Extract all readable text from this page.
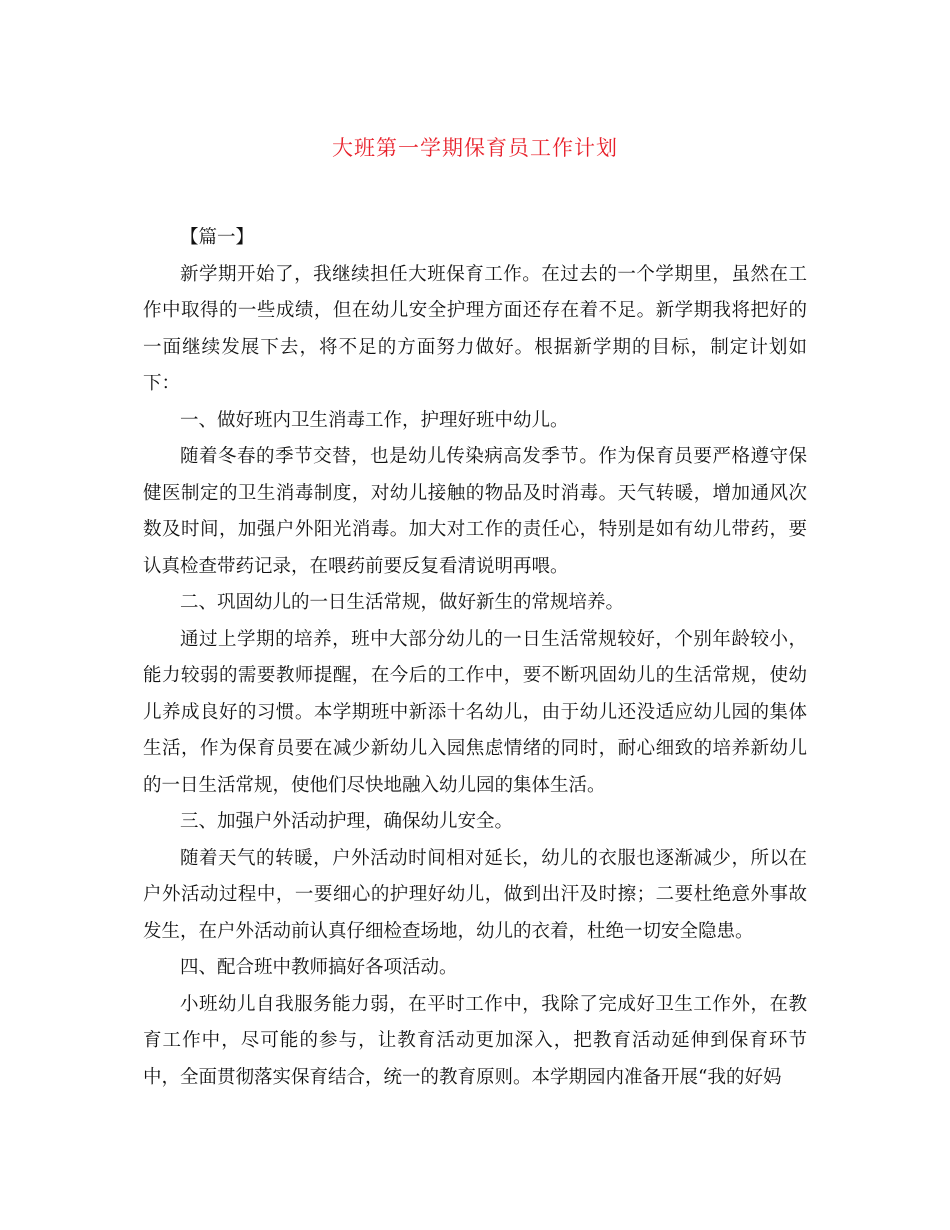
大班第一学期保育员工作计划

【篇一】

新学期开始了，我继续担任大班保育工作。在过去的一个学期里，虽然在工作中取得的一些成绩，但在幼儿安全护理方面还存在着不足。新学期我将把好的一面继续发展下去，将不足的方面努力做好。根据新学期的目标，制定计划如下：

一、做好班内卫生消毒工作，护理好班中幼儿。

随着冬春的季节交替，也是幼儿传染病高发季节。作为保育员要严格遵守保健医制定的卫生消毒制度，对幼儿接触的物品及时消毒。天气转暖，增加通风次数及时间，加强户外阳光消毒。加大对工作的责任心，特别是如有幼儿带药，要认真检查带药记录，在喂药前要反复看清说明再喂。

二、巩固幼儿的一日生活常规，做好新生的常规培养。

通过上学期的培养，班中大部分幼儿的一日生活常规较好，个别年龄较小，能力较弱的需要教师提醒，在今后的工作中，要不断巩固幼儿的生活常规，使幼儿养成良好的习惯。本学期班中新添十名幼儿，由于幼儿还没适应幼儿园的集体生活，作为保育员要在减少新幼儿入园焦虑情绪的同时，耐心细致的培养新幼儿的一日生活常规，使他们尽快地融入幼儿园的集体生活。

三、加强户外活动护理，确保幼儿安全。

随着天气的转暖，户外活动时间相对延长，幼儿的衣服也逐渐减少，所以在户外活动过程中，一要细心的护理好幼儿，做到出汗及时擦；二要杜绝意外事故发生，在户外活动前认真仔细检查场地，幼儿的衣着，杜绝一切安全隐患。

四、配合班中教师搞好各项活动。

小班幼儿自我服务能力弱，在平时工作中，我除了完成好卫生工作外，在教育工作中，尽可能的参与，让教育活动更加深入，把教育活动延伸到保育环节中，全面贯彻落实保育结合，统一的教育原则。本学期园内准备开展“我的好妈
